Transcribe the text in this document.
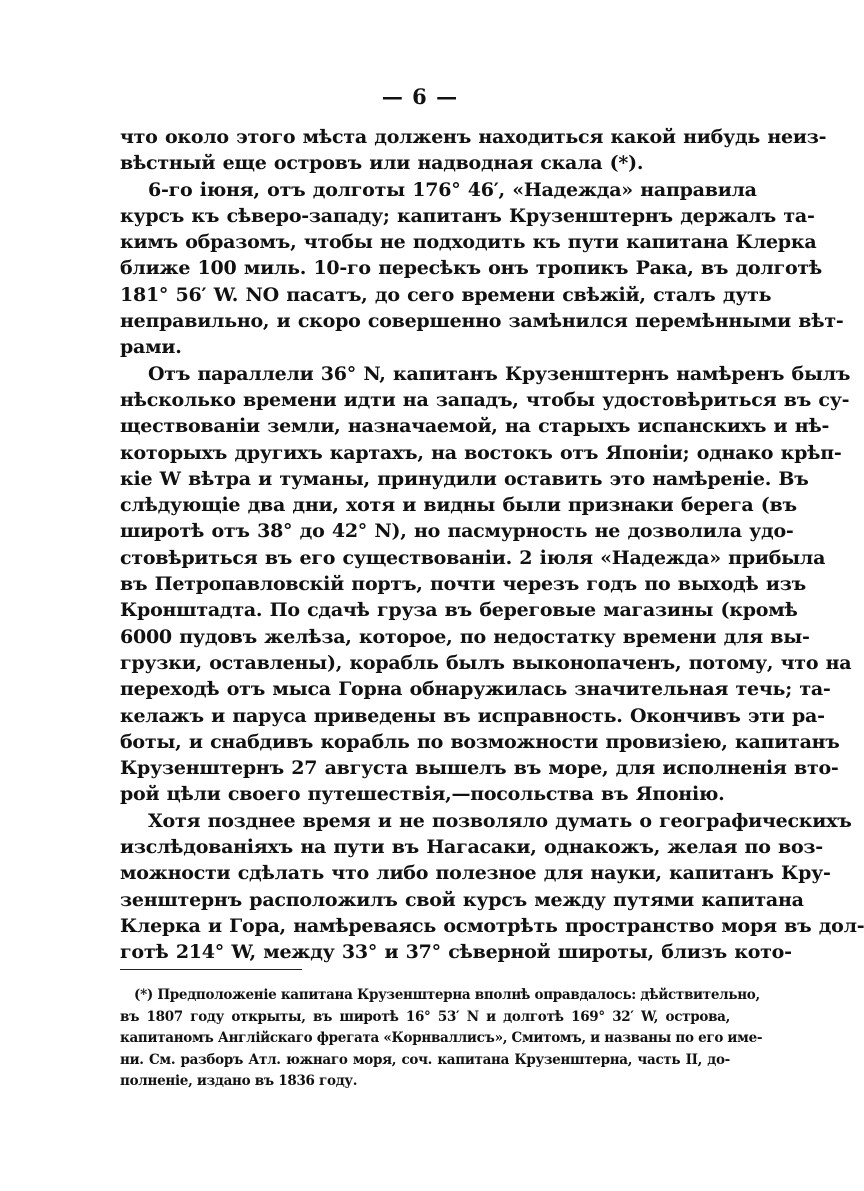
— 6 —
что около этого мѣста долженъ находиться какой нибудь неиз-
вѣстный еще островъ или надводная скала (*).
6-го іюня, отъ долготы 176° 46′, «Надежда» направила
курсъ къ сѣверо-западу; капитанъ Крузенштернъ держалъ та-
кимъ образомъ, чтобы не подходить къ пути капитана Клерка
ближе 100 миль. 10-го пересѣкъ онъ тропикъ Рака, въ долготѣ
181° 56′ W. NO пасатъ, до сего времени свѣжій, сталъ дуть
неправильно, и скоро совершенно замѣнился перемѣнными вѣт-
рами.
Отъ параллели 36° N, капитанъ Крузенштернъ намѣренъ былъ
нѣсколько времени идти на западъ, чтобы удостовѣриться въ су-
ществованіи земли, назначаемой, на старыхъ испанскихъ и нѣ-
которыхъ другихъ картахъ, на востокъ отъ Японіи; однако крѣп-
кіе W вѣтра и туманы, принудили оставить это намѣреніе. Въ
слѣдующіе два дни, хотя и видны были признаки берега (въ
широтѣ отъ 38° до 42° N), но пасмурность не дозволила удо-
стовѣриться въ его существованіи. 2 іюля «Надежда» прибыла
въ Петропавловскій портъ, почти черезъ годъ по выходѣ изъ
Кронштадта. По сдачѣ груза въ береговые магазины (кромѣ
6000 пудовъ желѣза, которое, по недостатку времени для вы-
грузки, оставлены), корабль былъ выконопаченъ, потому, что на
переходѣ отъ мыса Горна обнаружилась значительная течь; та-
келажъ и паруса приведены въ исправность. Окончивъ эти ра-
боты, и снабдивъ корабль по возможности провизіею, капитанъ
Крузенштернъ 27 августа вышелъ въ море, для исполненія вто-
рой цѣли своего путешествія,—посольства въ Японію.
Хотя позднее время и не позволяло думать о географическихъ
изслѣдованіяхъ на пути въ Нагасаки, однакожъ, желая по воз-
можности сдѣлать что либо полезное для науки, капитанъ Кру-
зенштернъ расположилъ свой курсъ между путями капитана
Клерка и Гора, намѣреваясь осмотрѣть пространство моря въ дол-
готѣ 214° W, между 33° и 37° сѣверной широты, близъ кото-
(*) Предположеніе капитана Крузенштерна вполнѣ оправдалось: дѣйствительно,
въ 1807 году открыты, въ широтѣ 16° 53′ N и долготѣ 169° 32′ W, острова,
капитаномъ Англійскаго фрегата «Корнваллисъ», Смитомъ, и названы по его име-
ни. См. разборъ Атл. южнаго моря, соч. капитана Крузенштерна, часть II, до-
полненіе, издано въ 1836 году.
